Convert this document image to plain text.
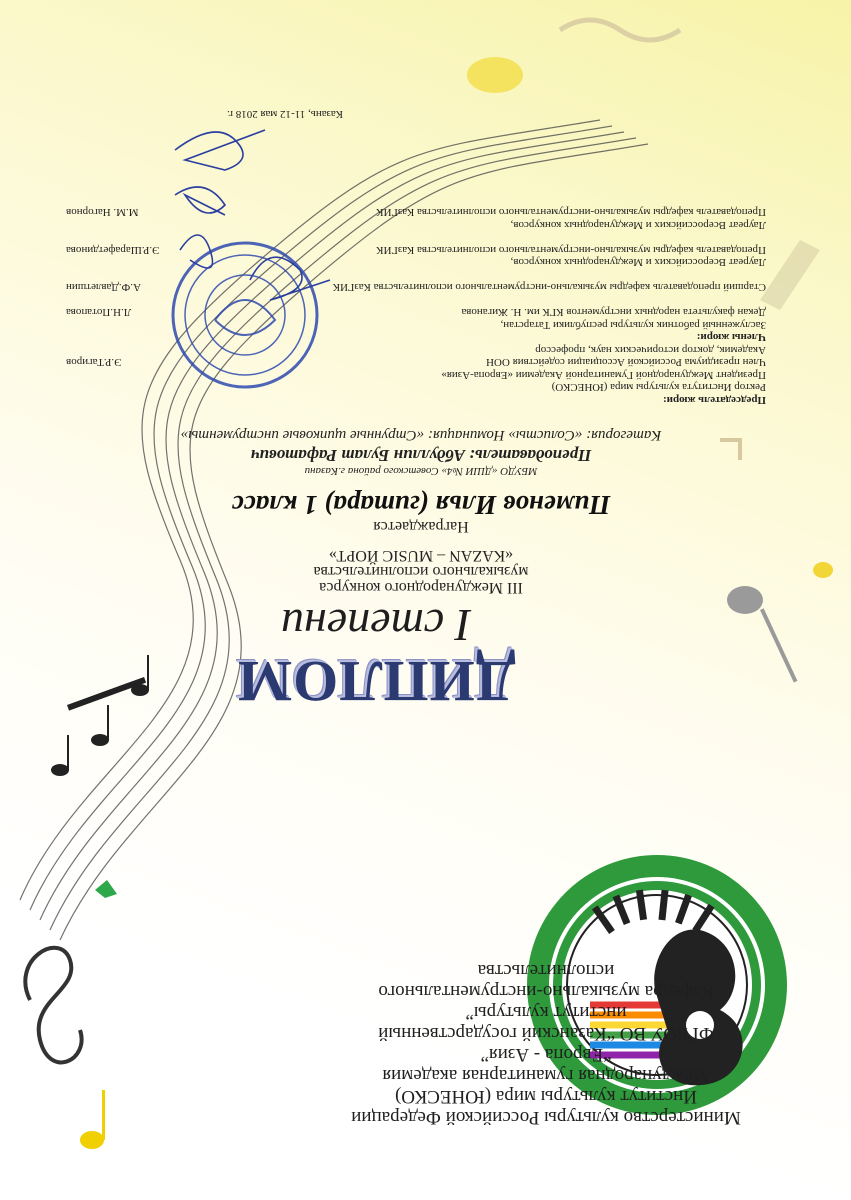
Министерство культуры Российской Федерации
Институт культуры мира (ЮНЕСКО)
Международная гуманитарная академия
“Европа - Азия”
ФГБОУ ВО “Казанский государственный
институт культуры”
Кафедра музыкально-инструментального
исполнительства
ДИПЛОМ
I степени
III Международного конкурса
музыкального исполнительства
«KAZAN – MUSIC ЙОРТ»
Награждается
Пименов Илья (гитара) 1 класс
МБУДО «ДШИ №4» Советского района г.Казани
Преподаватель: Абдуллин Булат Рафатович
Категория: «Солисты» Номинация: «Струнные щипковые инструменты»
Председатель жюри:
Ректор Института культуры мира (ЮНЕСКО)
Президент Международной Гуманитарной Академии «Европа-Азия»
Член президиума Российской Ассоциации содействия ООН
Э.Р.Тагиров
Академик, доктор исторических наук, профессор
Члены жюри:
Заслуженный работник культуры республики Татарстан,
Декан факультета народных инструментов КГК им. Н. Жиганова
Л.Н.Потапова
Старший преподаватель кафедры музыкально-инструментального исполнительства КазГИК
А.Ф.Давлетшин
Лауреат Всероссийских и Международных конкурсов,
Преподаватель кафедры музыкально-инструментального исполнительства КазГИК
Э.Р.Шарафетдинова
Лауреат Всероссийских и Международных конкурсов,
Преподаватель кафедры музыкально-инструментального исполнительства КазГИК
М.М. Нагорнов
Казань, 11-12 мая 2018 г.
